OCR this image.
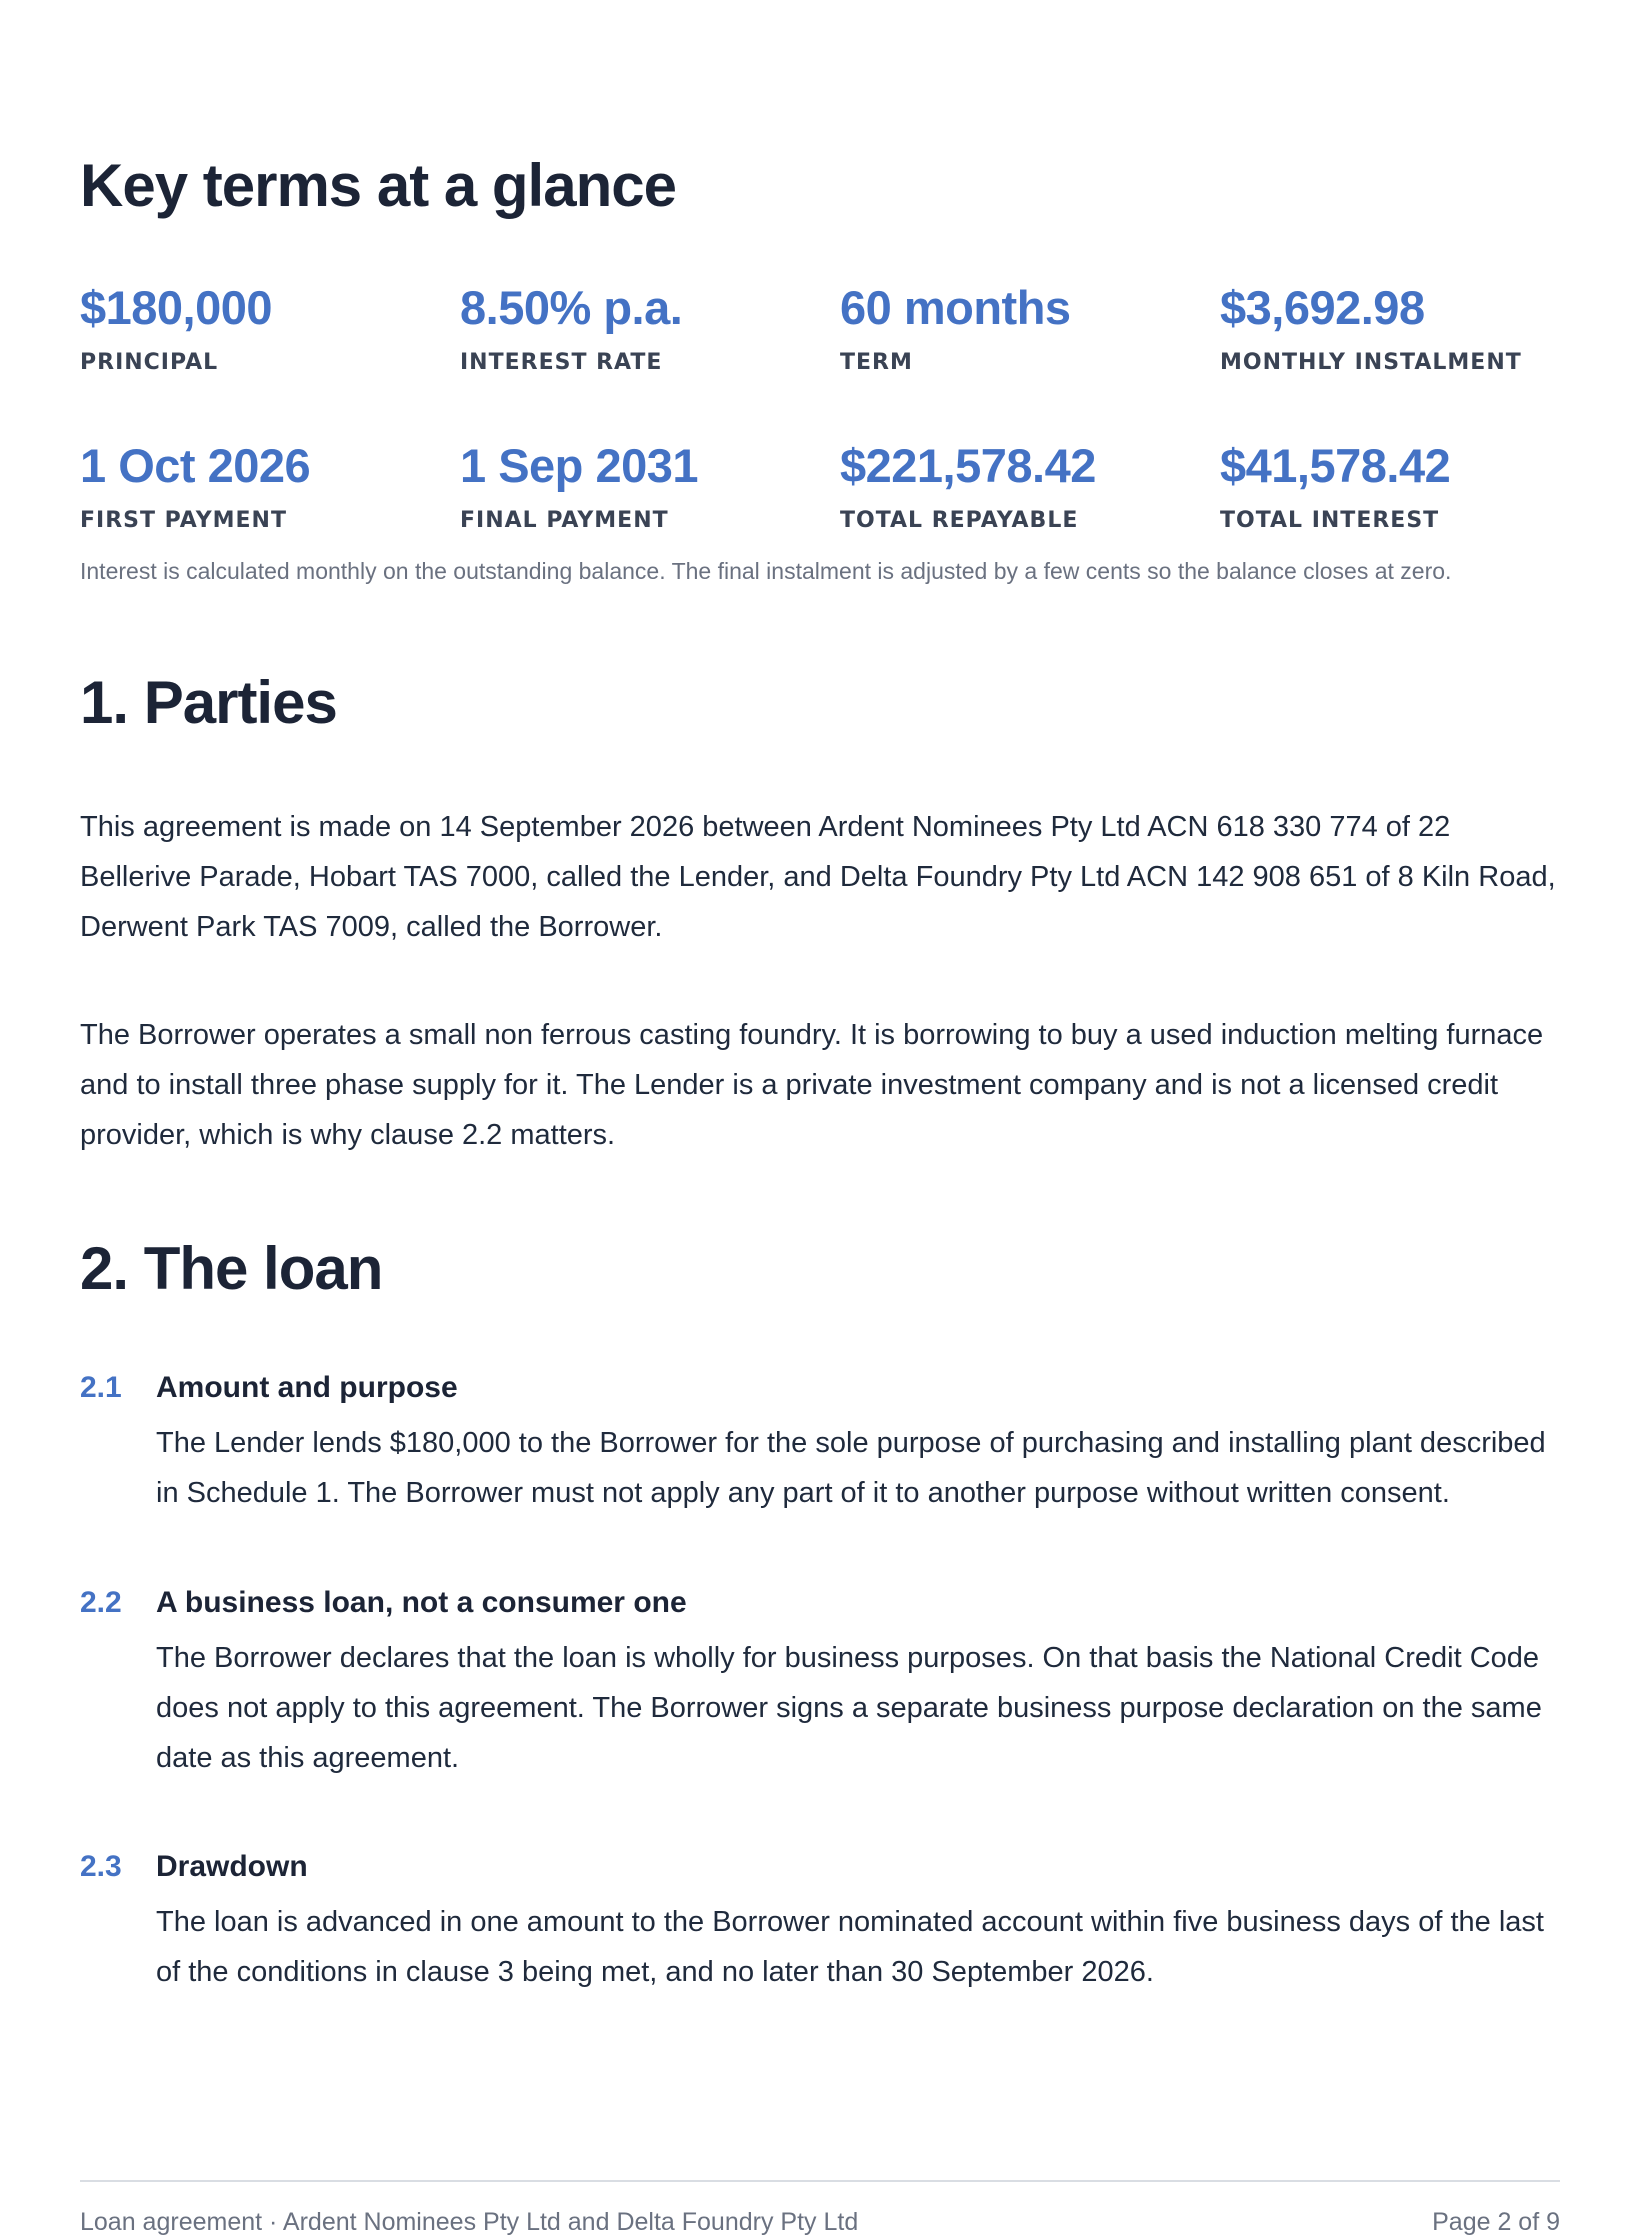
Key terms at a glance
$180,000
PRINCIPAL
8.50% p.a.
INTEREST RATE
60 months
TERM
$3,692.98
MONTHLY INSTALMENT
1 Oct 2026
FIRST PAYMENT
1 Sep 2031
FINAL PAYMENT
$221,578.42
TOTAL REPAYABLE
$41,578.42
TOTAL INTEREST
Interest is calculated monthly on the outstanding balance. The final instalment is adjusted by a few cents so the balance closes at zero.
1. Parties

This agreement is made on 14 September 2026 between Ardent Nominees Pty Ltd ACN 618 330 774 of 22 Bellerive Parade, Hobart TAS 7000, called the Lender, and Delta Foundry Pty Ltd ACN 142 908 651 of 8 Kiln Road, Derwent Park TAS 7009, called the Borrower.

The Borrower operates a small non ferrous casting foundry. It is borrowing to buy a used induction melting furnace and to install three phase supply for it. The Lender is a private investment company and is not a licensed credit provider, which is why clause 2.2 matters.

2. The loan
2.1 Amount and purpose

The Lender lends $180,000 to the Borrower for the sole purpose of purchasing and installing plant described in Schedule 1. The Borrower must not apply any part of it to another purpose without written consent.

2.2 A business loan, not a consumer one

The Borrower declares that the loan is wholly for business purposes. On that basis the National Credit Code does not apply to this agreement. The Borrower signs a separate business purpose declaration on the same date as this agreement.

2.3 Drawdown

The loan is advanced in one amount to the Borrower nominated account within five business days of the last of the conditions in clause 3 being met, and no later than 30 September 2026.

Loan agreement · Ardent Nominees Pty Ltd and Delta Foundry Pty Ltd	Page 2 of 9
